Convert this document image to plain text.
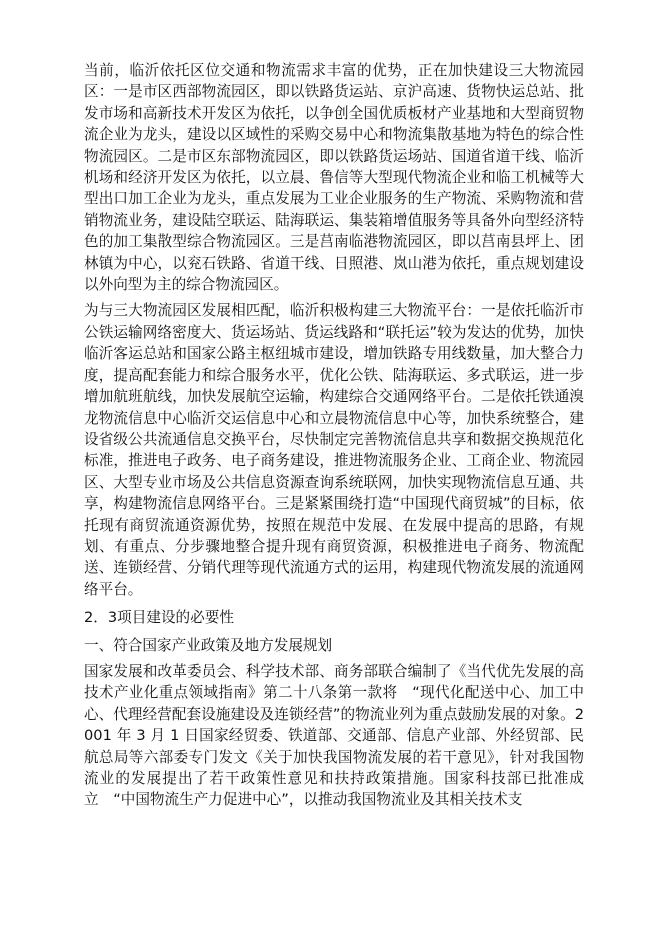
当前，临沂依托区位交通和物流需求丰富的优势，正在加快建设三大物流园区：一是市区西部物流园区，即以铁路货运站、京沪高速、货物快运总站、批发市场和高新技术开发区为依托，以争创全国优质板材产业基地和大型商贸物流企业为龙头，建设以区域性的采购交易中心和物流集散基地为特色的综合性物流园区。二是市区东部物流园区，即以铁路货运场站、国道省道干线、临沂机场和经济开发区为依托，以立晨、鲁信等大型现代物流企业和临工机械等大型出口加工企业为龙头，重点发展为工业企业服务的生产物流、采购物流和营销物流业务，建设陆空联运、陆海联运、集装箱增值服务等具备外向型经济特色的加工集散型综合物流园区。三是莒南临港物流园区，即以莒南县坪上、团林镇为中心，以兖石铁路、省道干线、日照港、岚山港为依托，重点规划建设以外向型为主的综合物流园区。

为与三大物流园区发展相匹配，临沂积极构建三大物流平台：一是依托临沂市公铁运输网络密度大、货运场站、货运线路和“联托运”较为发达的优势，加快临沂客运总站和国家公路主枢纽城市建设，增加铁路专用线数量，加大整合力度，提高配套能力和综合服务水平，优化公铁、陆海联运、多式联运，进一步增加航班航线，加快发展航空运输，构建综合交通网络平台。二是依托铁通溴龙物流信息中心临沂交运信息中心和立晨物流信息中心等，加快系统整合，建设省级公共流通信息交换平台，尽快制定完善物流信息共享和数据交换规范化标准，推进电子政务、电子商务建设，推进物流服务企业、工商企业、物流园区、大型专业市场及公共信息资源查询系统联网，加快实现物流信息互通、共享，构建物流信息网络平台。三是紧紧围绕打造“中国现代商贸城”的目标，依托现有商贸流通资源优势，按照在规范中发展、在发展中提高的思路，有规划、有重点、分步骤地整合提升现有商贸资源，积极推进电子商务、物流配送、连锁经营、分销代理等现代流通方式的运用，构建现代物流发展的流通网络平台。

2．3项目建设的必要性

一、符合国家产业政策及地方发展规划

国家发展和改革委员会、科学技术部、商务部联合编制了《当代优先发展的高技术产业化重点领域指南》第二十八条第一款将　“现代化配送中心、加工中心、代理经营配套设施建设及连锁经营”的物流业列为重点鼓励发展的对象。2001 年 3 月 1 日国家经贸委、铁道部、交通部、信息产业部、外经贸部、民航总局等六部委专门发文《关于加快我国物流发展的若干意见》，针对我国物流业的发展提出了若干政策性意见和扶持政策措施。国家科技部已批准成立　“中国物流生产力促进中心”，以推动我国物流业及其相关技术支
